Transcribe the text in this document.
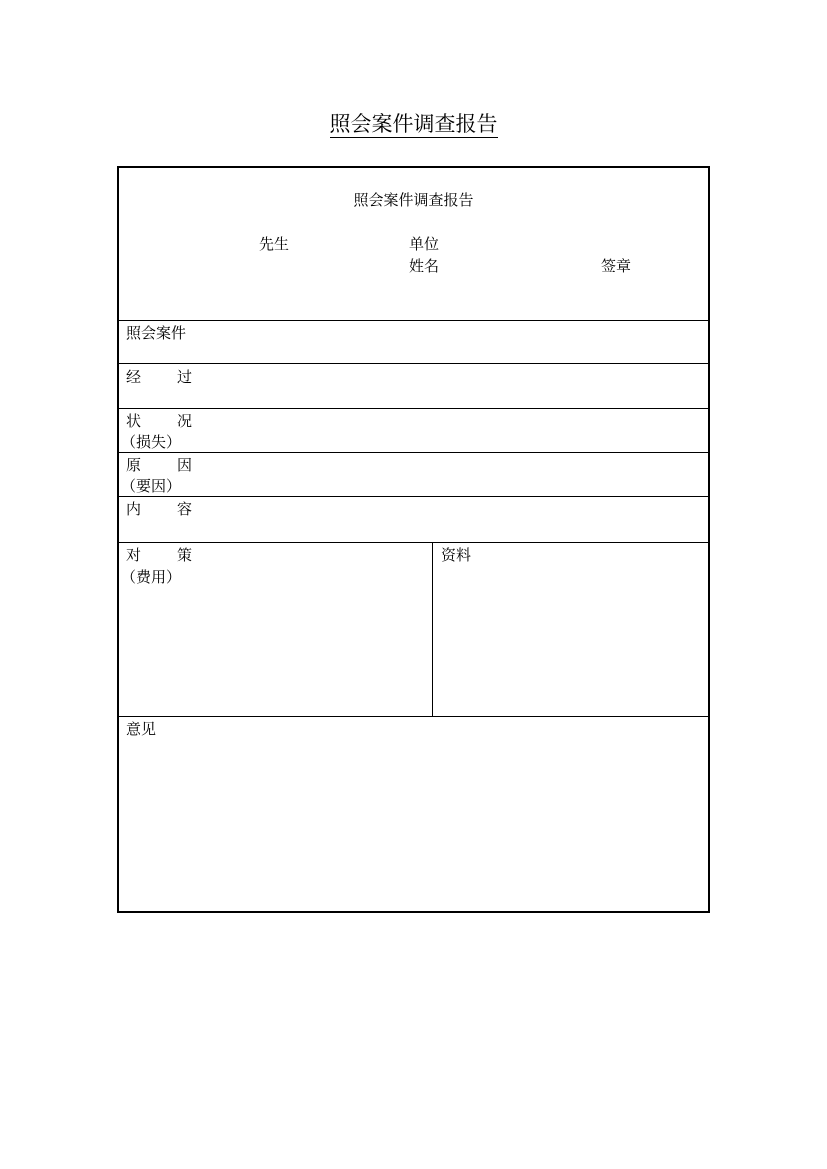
照会案件调查报告
照会案件调查报告
先生	单位
姓名	签章
照会案件
经　过
状　况
（损失）
原　因
（要因）
内　容
对　策
（费用）
资料
意见
